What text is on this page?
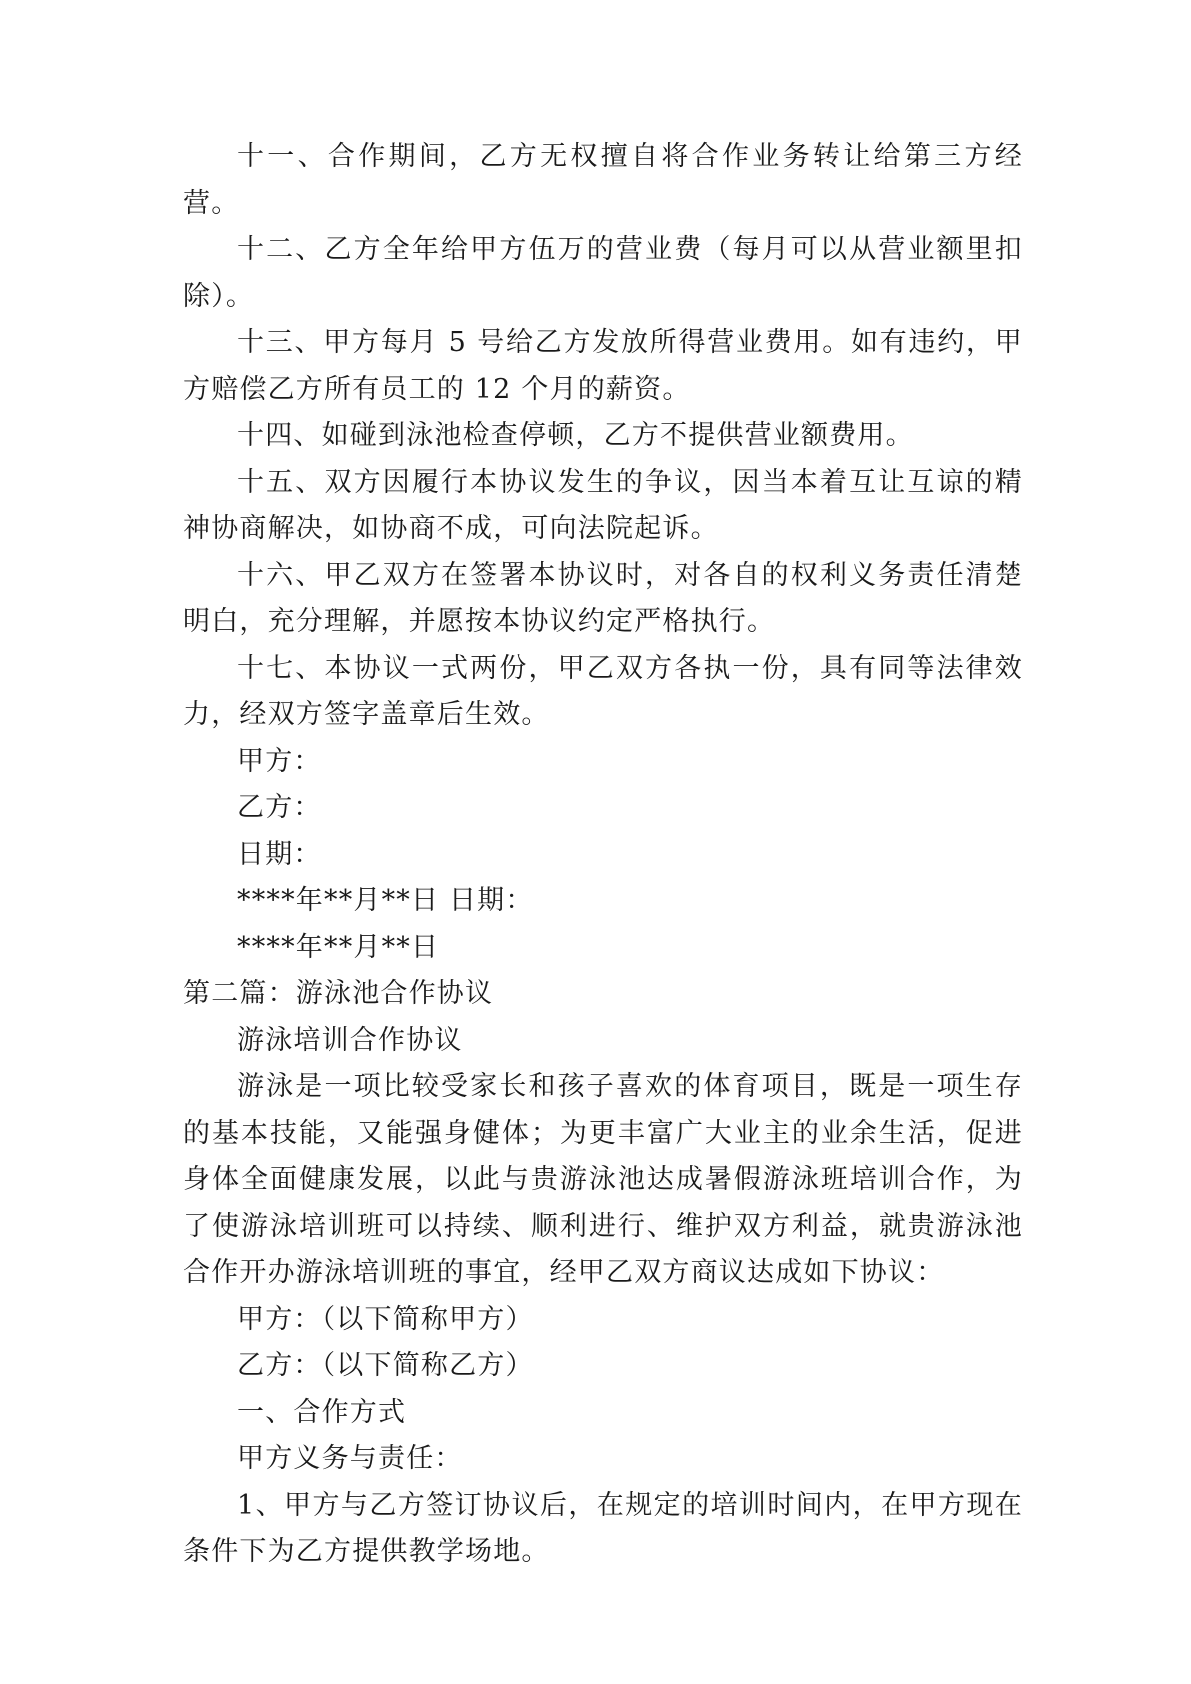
十一、合作期间，乙方无权擅自将合作业务转让给第三方经营。

十二、乙方全年给甲方伍万的营业费（每月可以从营业额里扣除）。

十三、甲方每月 5 号给乙方发放所得营业费用。如有违约，甲方赔偿乙方所有员工的 12 个月的薪资。

十四、如碰到泳池检查停顿，乙方不提供营业额费用。

十五、双方因履行本协议发生的争议，因当本着互让互谅的精神协商解决，如协商不成，可向法院起诉。

十六、甲乙双方在签署本协议时，对各自的权利义务责任清楚明白，充分理解，并愿按本协议约定严格执行。

十七、本协议一式两份，甲乙双方各执一份，具有同等法律效力，经双方签字盖章后生效。

甲方：

乙方：

日期：

****年**月**日 日期：

****年**月**日

第二篇：游泳池合作协议

游泳培训合作协议

游泳是一项比较受家长和孩子喜欢的体育项目，既是一项生存的基本技能，又能强身健体；为更丰富广大业主的业余生活，促进身体全面健康发展，以此与贵游泳池达成暑假游泳班培训合作，为了使游泳培训班可以持续、顺利进行、维护双方利益，就贵游泳池合作开办游泳培训班的事宜，经甲乙双方商议达成如下协议：

甲方：（以下简称甲方）

乙方：（以下简称乙方）

一、合作方式

甲方义务与责任：

1、甲方与乙方签订协议后，在规定的培训时间内，在甲方现在条件下为乙方提供教学场地。
